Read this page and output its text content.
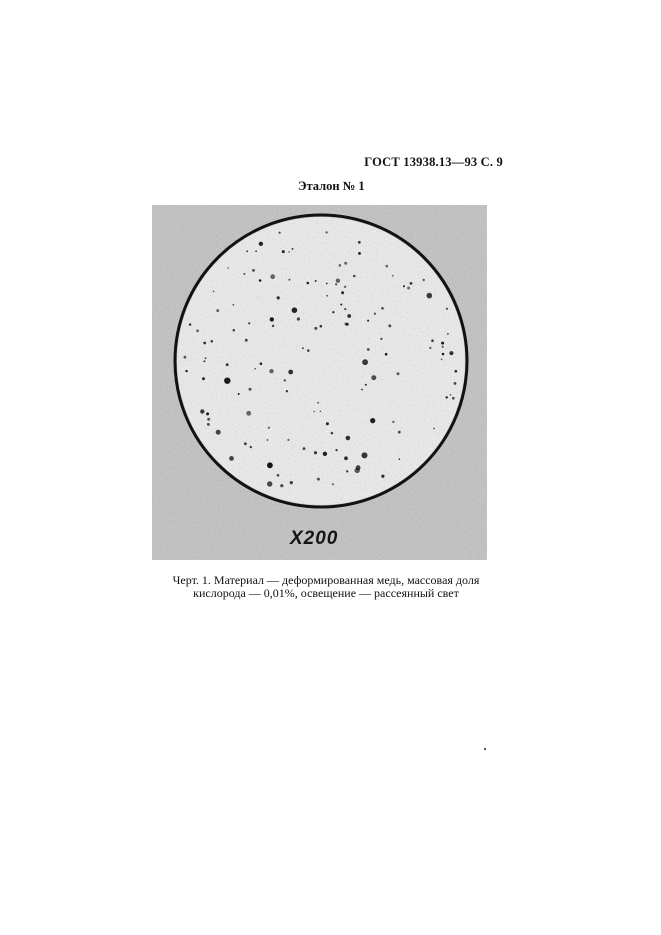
ГОСТ 13938.13—93 С. 9
Эталон № 1
X200
Черт. 1. Материал — деформированная медь, массовая доля
кислорода — 0,01%, освещение — рассеянный свет
